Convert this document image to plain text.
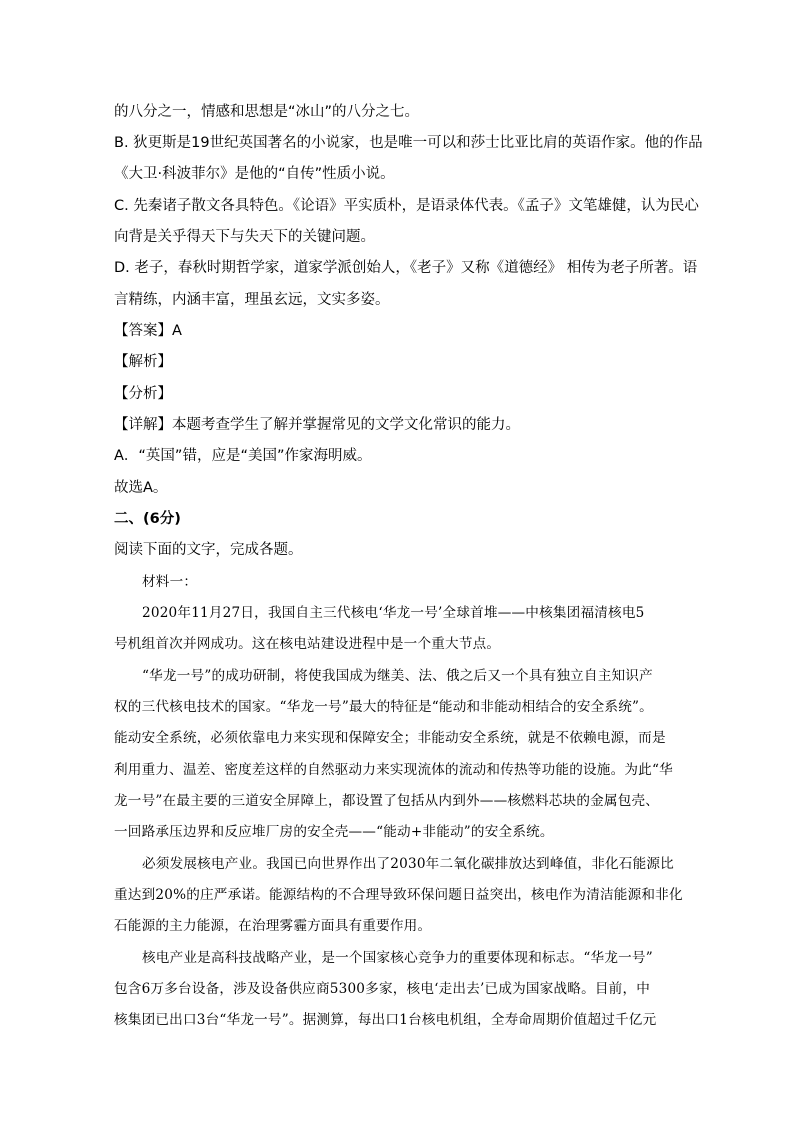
的八分之一，情感和思想是“冰山”的八分之七。
B. 狄更斯是19世纪英国著名的小说家，也是唯一可以和莎士比亚比肩的英语作家。他的作品
《大卫·科波菲尔》是他的“自传”性质小说。
C. 先秦诸子散文各具特色。《论语》平实质朴，是语录体代表。《孟子》文笔雄健，认为民心
向背是关乎得天下与失天下的关键问题。
D. 老子，春秋时期哲学家，道家学派创始人，《老子》又称《道德经》 相传为老子所著。语
言精练，内涵丰富，理虽玄远，文实多姿。
【答案】A
【解析】
【分析】
【详解】本题考查学生了解并掌握常见的文学文化常识的能力。
A．“英国”错，应是“美国”作家海明威。
故选A。
二、(6分)
阅读下面的文字，完成各题。
材料一：
2020年11月27日，我国自主三代核电‘华龙一号’全球首堆——中核集团福清核电5
号机组首次并网成功。这在核电站建设进程中是一个重大节点。
“华龙一号”的成功研制，将使我国成为继美、法、俄之后又一个具有独立自主知识产
权的三代核电技术的国家。“华龙一号”最大的特征是“能动和非能动相结合的安全系统”。
能动安全系统，必须依靠电力来实现和保障安全；非能动安全系统，就是不依赖电源，而是
利用重力、温差、密度差这样的自然驱动力来实现流体的流动和传热等功能的设施。为此“华
龙一号”在最主要的三道安全屏障上，都设置了包括从内到外——核燃料芯块的金属包壳、
一回路承压边界和反应堆厂房的安全壳——“能动+非能动”的安全系统。
必须发展核电产业。我国已向世界作出了2030年二氧化碳排放达到峰值，非化石能源比
重达到20%的庄严承诺。能源结构的不合理导致环保问题日益突出，核电作为清洁能源和非化
石能源的主力能源，在治理雾霾方面具有重要作用。
核电产业是高科技战略产业，是一个国家核心竞争力的重要体现和标志。“华龙一号”
包含6万多台设备，涉及设备供应商5300多家，核电‘走出去’已成为国家战略。目前，中
核集团已出口3台“华龙一号”。据测算，每出口1台核电机组，全寿命周期价值超过千亿元
